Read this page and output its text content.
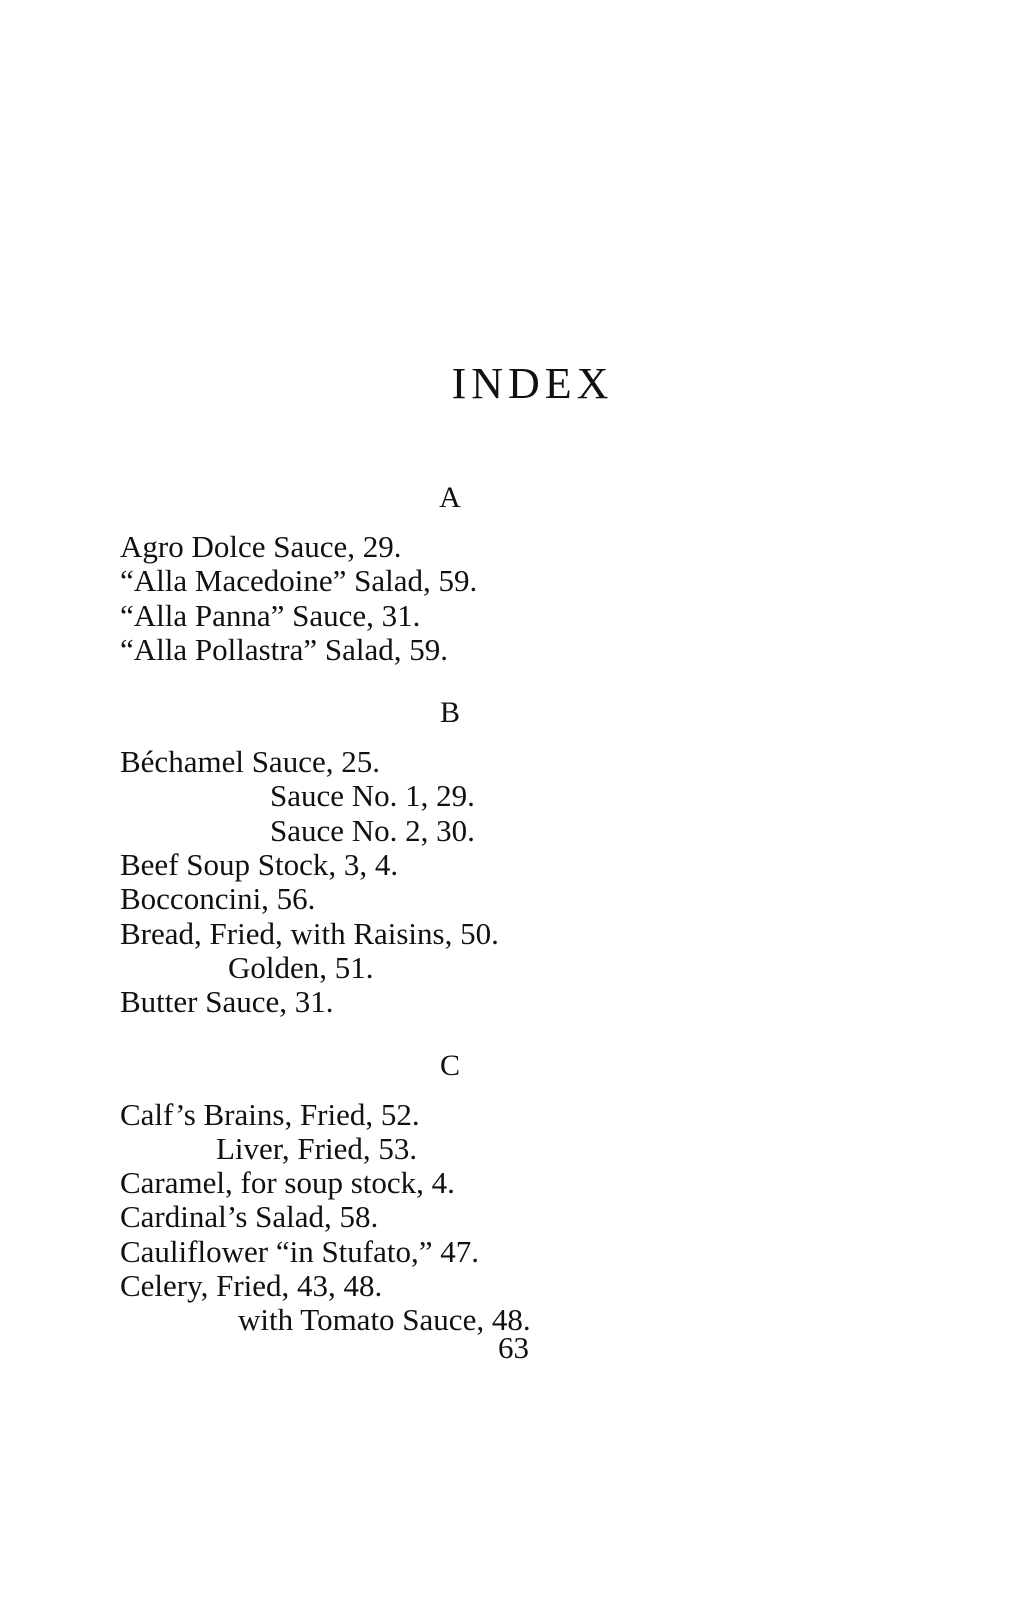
INDEX
A
Agro Dolce Sauce, 29.
“Alla Macedoine” Salad, 59.
“Alla Panna” Sauce, 31.
“Alla Pollastra” Salad, 59.
B
Béchamel Sauce, 25.
Sauce No. 1, 29.
Sauce No. 2, 30.
Beef Soup Stock, 3, 4.
Bocconcini, 56.
Bread, Fried, with Raisins, 50.
Golden, 51.
Butter Sauce, 31.
C
Calf’s Brains, Fried, 52.
Liver, Fried, 53.
Caramel, for soup stock, 4.
Cardinal’s Salad, 58.
Cauliflower “in Stufato,” 47.
Celery, Fried, 43, 48.
with Tomato Sauce, 48.
63
